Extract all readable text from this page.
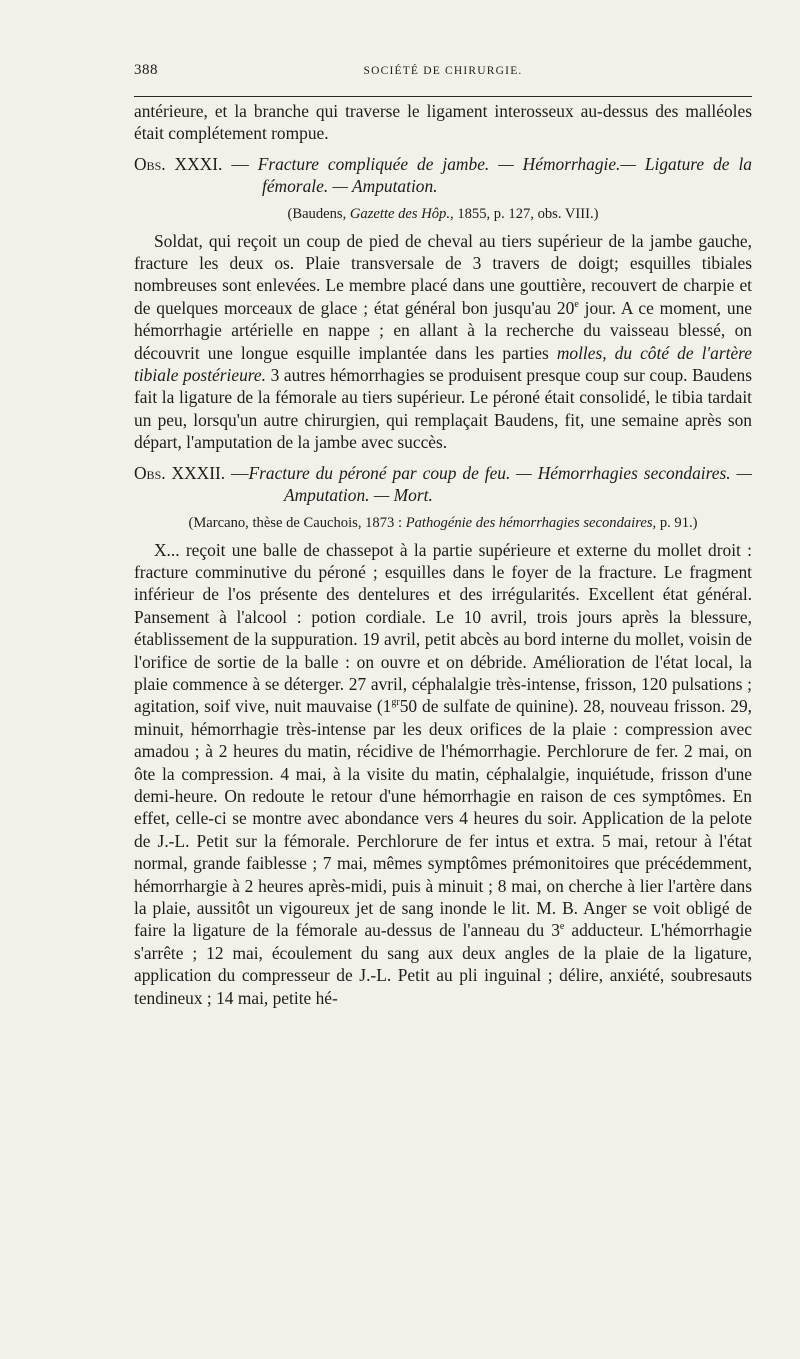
388	SOCIÉTÉ DE CHIRURGIE.

antérieure, et la branche qui traverse le ligament interosseux au-dessus des malléoles était complétement rompue.

Obs. XXXI. — Fracture compliquée de jambe. — Hémorrhagie.— Ligature de la fémorale. — Amputation.

(Baudens, Gazette des Hôp., 1855, p. 127, obs. VIII.)

Soldat, qui reçoit un coup de pied de cheval au tiers supérieur de la jambe gauche, fracture les deux os. Plaie transversale de 3 travers de doigt; esquilles tibiales nombreuses sont enlevées. Le membre placé dans une gouttière, recouvert de charpie et de quelques morceaux de glace ; état général bon jusqu'au 20e jour. A ce moment, une hémorrhagie artérielle en nappe ; en allant à la recherche du vaisseau blessé, on découvrit une longue esquille implantée dans les parties molles, du côté de l'artère tibiale postérieure. 3 autres hémorrhagies se produisent presque coup sur coup. Baudens fait la ligature de la fémorale au tiers supérieur. Le péroné était consolidé, le tibia tardait un peu, lorsqu'un autre chirurgien, qui remplaçait Baudens, fit, une semaine après son départ, l'amputation de la jambe avec succès.

Obs. XXXII. —Fracture du péroné par coup de feu. — Hémorrhagies secondaires. — Amputation. — Mort.

(Marcano, thèse de Cauchois, 1873 : Pathogénie des hémorrhagies secondaires, p. 91.)

X... reçoit une balle de chassepot à la partie supérieure et externe du mollet droit : fracture comminutive du péroné ; esquilles dans le foyer de la fracture. Le fragment inférieur de l'os présente des dentelures et des irrégularités. Excellent état général. Pansement à l'alcool : potion cordiale. Le 10 avril, trois jours après la blessure, établissement de la suppuration. 19 avril, petit abcès au bord interne du mollet, voisin de l'orifice de sortie de la balle : on ouvre et on débride. Amélioration de l'état local, la plaie commence à se déterger. 27 avril, céphalalgie très-intense, frisson, 120 pulsations ; agitation, soif vive, nuit mauvaise ($1^{gr}50$ de sulfate de quinine). 28, nouveau frisson. 29, minuit, hémorrhagie très-intense par les deux orifices de la plaie : compression avec amadou ; à 2 heures du matin, récidive de l'hémorrhagie. Perchlorure de fer. 2 mai, on ôte la compression. 4 mai, à la visite du matin, céphalalgie, inquiétude, frisson d'une demi-heure. On redoute le retour d'une hémorrhagie en raison de ces symptômes. En effet, celle-ci se montre avec abondance vers 4 heures du soir. Application de la pelote de J.-L. Petit sur la fémorale. Perchlorure de fer intus et extra. 5 mai, retour à l'état normal, grande faiblesse ; 7 mai, mêmes symptômes prémonitoires que précédemment, hémorrhargie à 2 heures après-midi, puis à minuit ; 8 mai, on cherche à lier l'artère dans la plaie, aussitôt un vigoureux jet de sang inonde le lit. M. B. Anger se voit obligé de faire la ligature de la fémorale au-dessus de l'anneau du 3e adducteur. L'hémorrhagie s'arrête ; 12 mai, écoulement du sang aux deux angles de la plaie de la ligature, application du compresseur de J.-L. Petit au pli inguinal ; délire, anxiété, soubresauts tendineux ; 14 mai, petite hé-
